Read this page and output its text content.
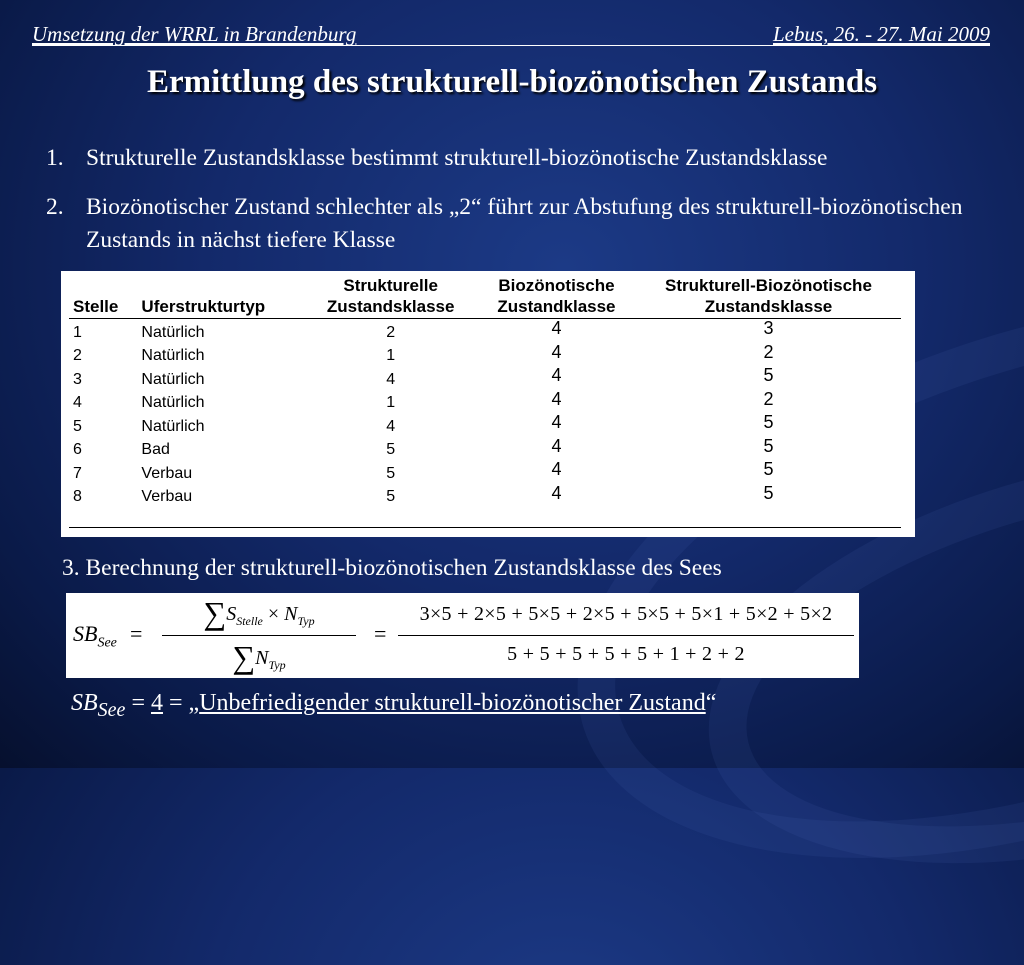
Umsetzung der WRRL in Brandenburg	Lebus, 26. - 27. Mai 2009
Ermittlung des strukturell-biozönotischen Zustands
1. Strukturelle Zustandsklasse bestimmt strukturell-biozönotische Zustandsklasse
2. Biozönotischer Zustand schlechter als „2“ führt zur Abstufung des strukturell-biozönotischen Zustands in nächst tiefere Klasse
Stelle	Uferstrukturtyp	Strukturelle Zustandsklasse	Biozönotische Zustandklasse	Strukturell-Biozönotische Zustandsklasse
1	Natürlich	2	4	3
2	Natürlich	1	4	2
3	Natürlich	4	4	5
4	Natürlich	1	4	2
5	Natürlich	4	4	5
6	Bad	5	4	5
7	Verbau	5	4	5
8	Verbau	5	4	5

3. Berechnung der strukturell-biozönotischen Zustandsklasse des Sees
$SB_{See}$ =
$\sum S_{Stelle} \times N_{Typ}$
$\sum N_{Typ}$
=
3×5 + 2×5 + 5×5 + 2×5 + 5×5 + 5×1 + 5×2 + 5×2
5 + 5 + 5 + 5 + 5 + 1 + 2 + 2
$SB_{See} = 4$ = „Unbefriedigender strukturell-biozönotischer Zustand“
